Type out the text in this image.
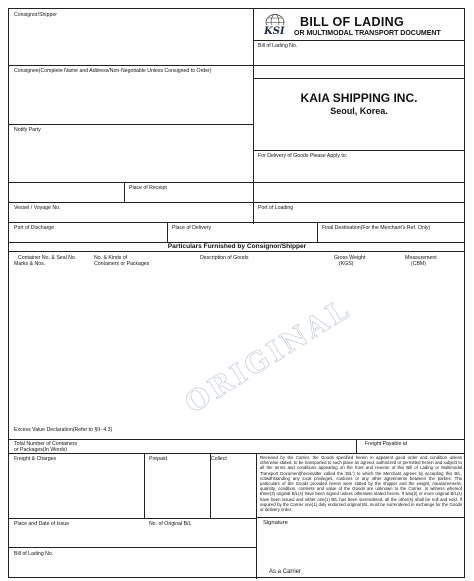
KSI
BILL OF LADING
OR MULTIMODAL TRANSPORT DOCUMENT
Consignor/Shipper
Bill of Lading No.
Consignee(Complete Name and Address/Non-Negotiable Unless Consigned to Order)
KAIA SHIPPING INC.
Seoul, Korea.
Notify Party
For Delivery of Goods Please Apply to:
Place of Receipt
Vessel / Voyage No.	Port of Loading
Port of Discharge	Place of Delivery	Final Destination(For the Merchant's Ref. Only)
Particulars Furnished by Consignor/Shipper
Container No. & Seal No.
Marks & Nos.
No. & Kinds of
Containers or Packages
Description of Goods	Gross Weight
(KGS)
Measurement
(CBM)
Excess Value Declaration(Refer to §II- 4.3)
ORIGINAL
Total Number of Containers
or Packages(In Words)
Freight Payable at
Freight & Charges	Prepaid	Collect	Received by the Carrier, the Goods specified herein in apparent good order and condition unless otherwise stated, to be transported to such place as agreed, authorized or permitted herein and subject to all the terms and conditions appearing on the front and reverse of this Bill of Lading or Multimodal Transport Document(hereinafter called the 'B/L') to which the Merchant agrees by accepting this B/L, notwithstanding any local privileges, customs or any other agreements between the parties. The particulars of the Goods provided herein were stated by the shipper and the weight, measurements, quantity, condition, contents and value of the Goods are unknown to the Carrier. In witness whereof three(3) original B/L(s) have been signed unless otherwise stated herein. If two(2) or more original B/L(s) have been issued and either one(1) B/L has been surrendered, all the other(s) shall be null and void. If required by the Carrier one(1) duly endorsed original B/L must be surrendered in exchange for the Goods or delivery order.
Place and Date of Issue	No. of Original B/L	Signature
As a Carrier
Bill of Lading No.
